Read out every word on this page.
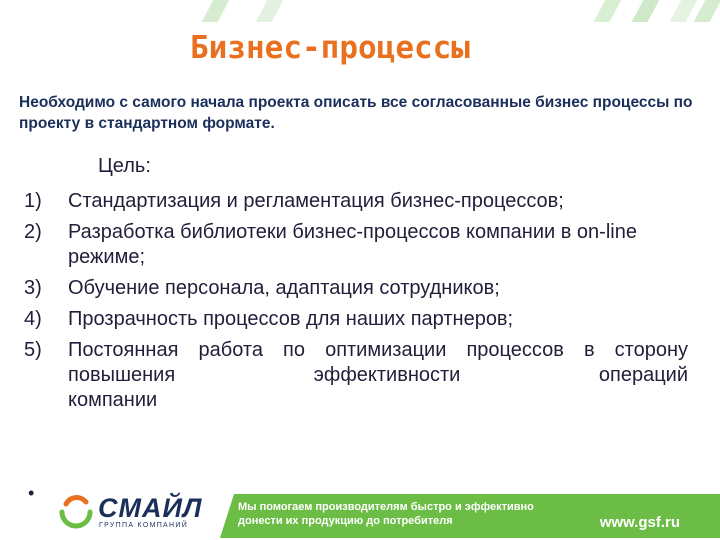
Бизнес-процессы
Необходимо с самого начала проекта описать все согласованные бизнес процессы по проекту в стандартном формате.
Цель:
1)	Стандартизация и регламентация бизнес-процессов;
2)	Разработка библиотеки бизнес-процессов компании в on-line режиме;
3)	Обучение персонала, адаптация сотрудников;
4)	Прозрачность процессов для наших партнеров;
5)	Постоянная работа по оптимизации процессов в сторону повышения эффективности операций
компании
• СМАЙЛ
ГРУППА КОМПАНИЙ
Мы помогаем производителям быстро и эффективно донести их продукцию до потребителя	www.gsf.ru
